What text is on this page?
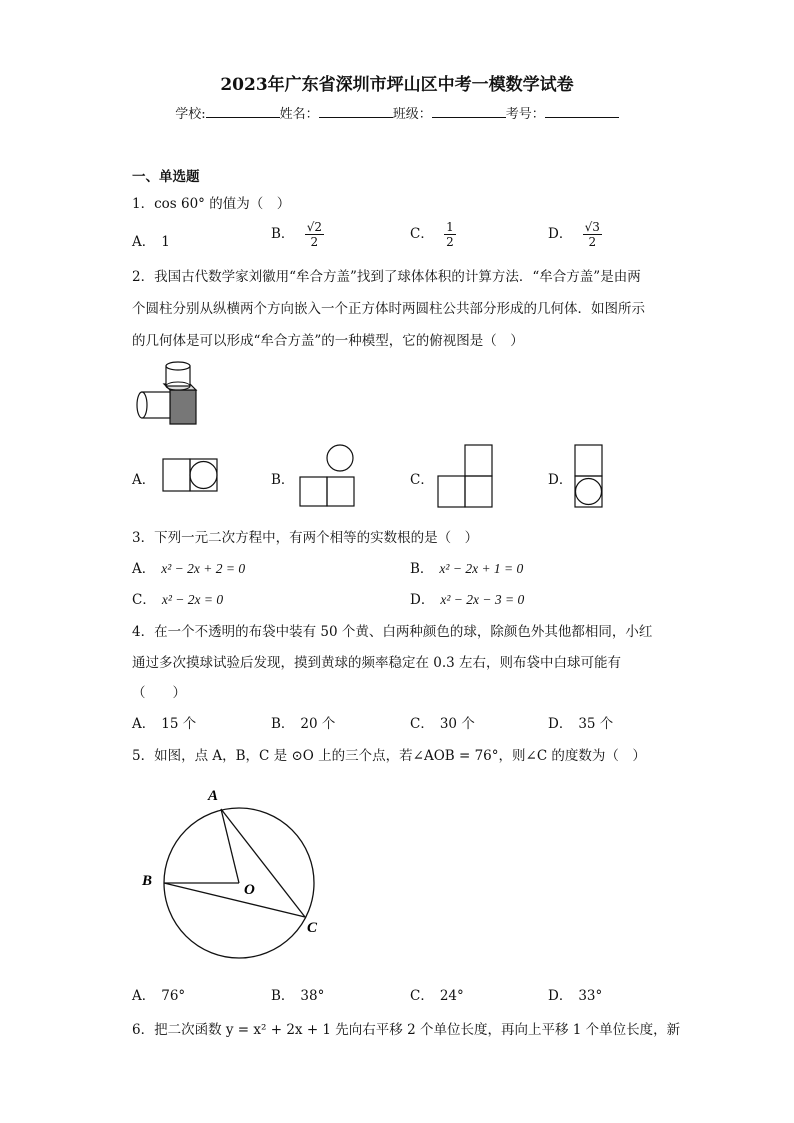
2023年广东省深圳市坪山区中考一模数学试卷
学校:	姓名：	班级：	考号：
一、单选题
1．cos 60° 的值为（　）
A． 1	B． $\frac{√2}{2}$	C． $\frac{1}{2}$	D． $\frac{√3}{2}$
2．我国古代数学家刘徽用“牟合方盖”找到了球体体积的计算方法．“牟合方盖”是由两
个圆柱分别从纵横两个方向嵌入一个正方体时两圆柱公共部分形成的几何体．如图所示
的几何体是可以形成“牟合方盖”的一种模型，它的俯视图是（　）
A．	B．	C．	D．
3．下列一元二次方程中，有两个相等的实数根的是（　）
A． x² − 2x + 2 = 0	B． x² − 2x + 1 = 0
C． x² − 2x = 0	D． x² − 2x − 3 = 0
4．在一个不透明的布袋中装有 50 个黄、白两种颜色的球，除颜色外其他都相同，小红
通过多次摸球试验后发现，摸到黄球的频率稳定在 0.3 左右，则布袋中白球可能有
（　　）
A． 15 个	B． 20 个	C． 30 个	D． 35 个
5．如图，点 A，B，C 是 ⊙O 上的三个点，若∠AOB = 76°，则∠C 的度数为（　）
A
B
O
C
A． 76°	B． 38°	C． 24°	D． 33°
6．把二次函数 y = x² + 2x + 1 先向右平移 2 个单位长度，再向上平移 1 个单位长度，新
